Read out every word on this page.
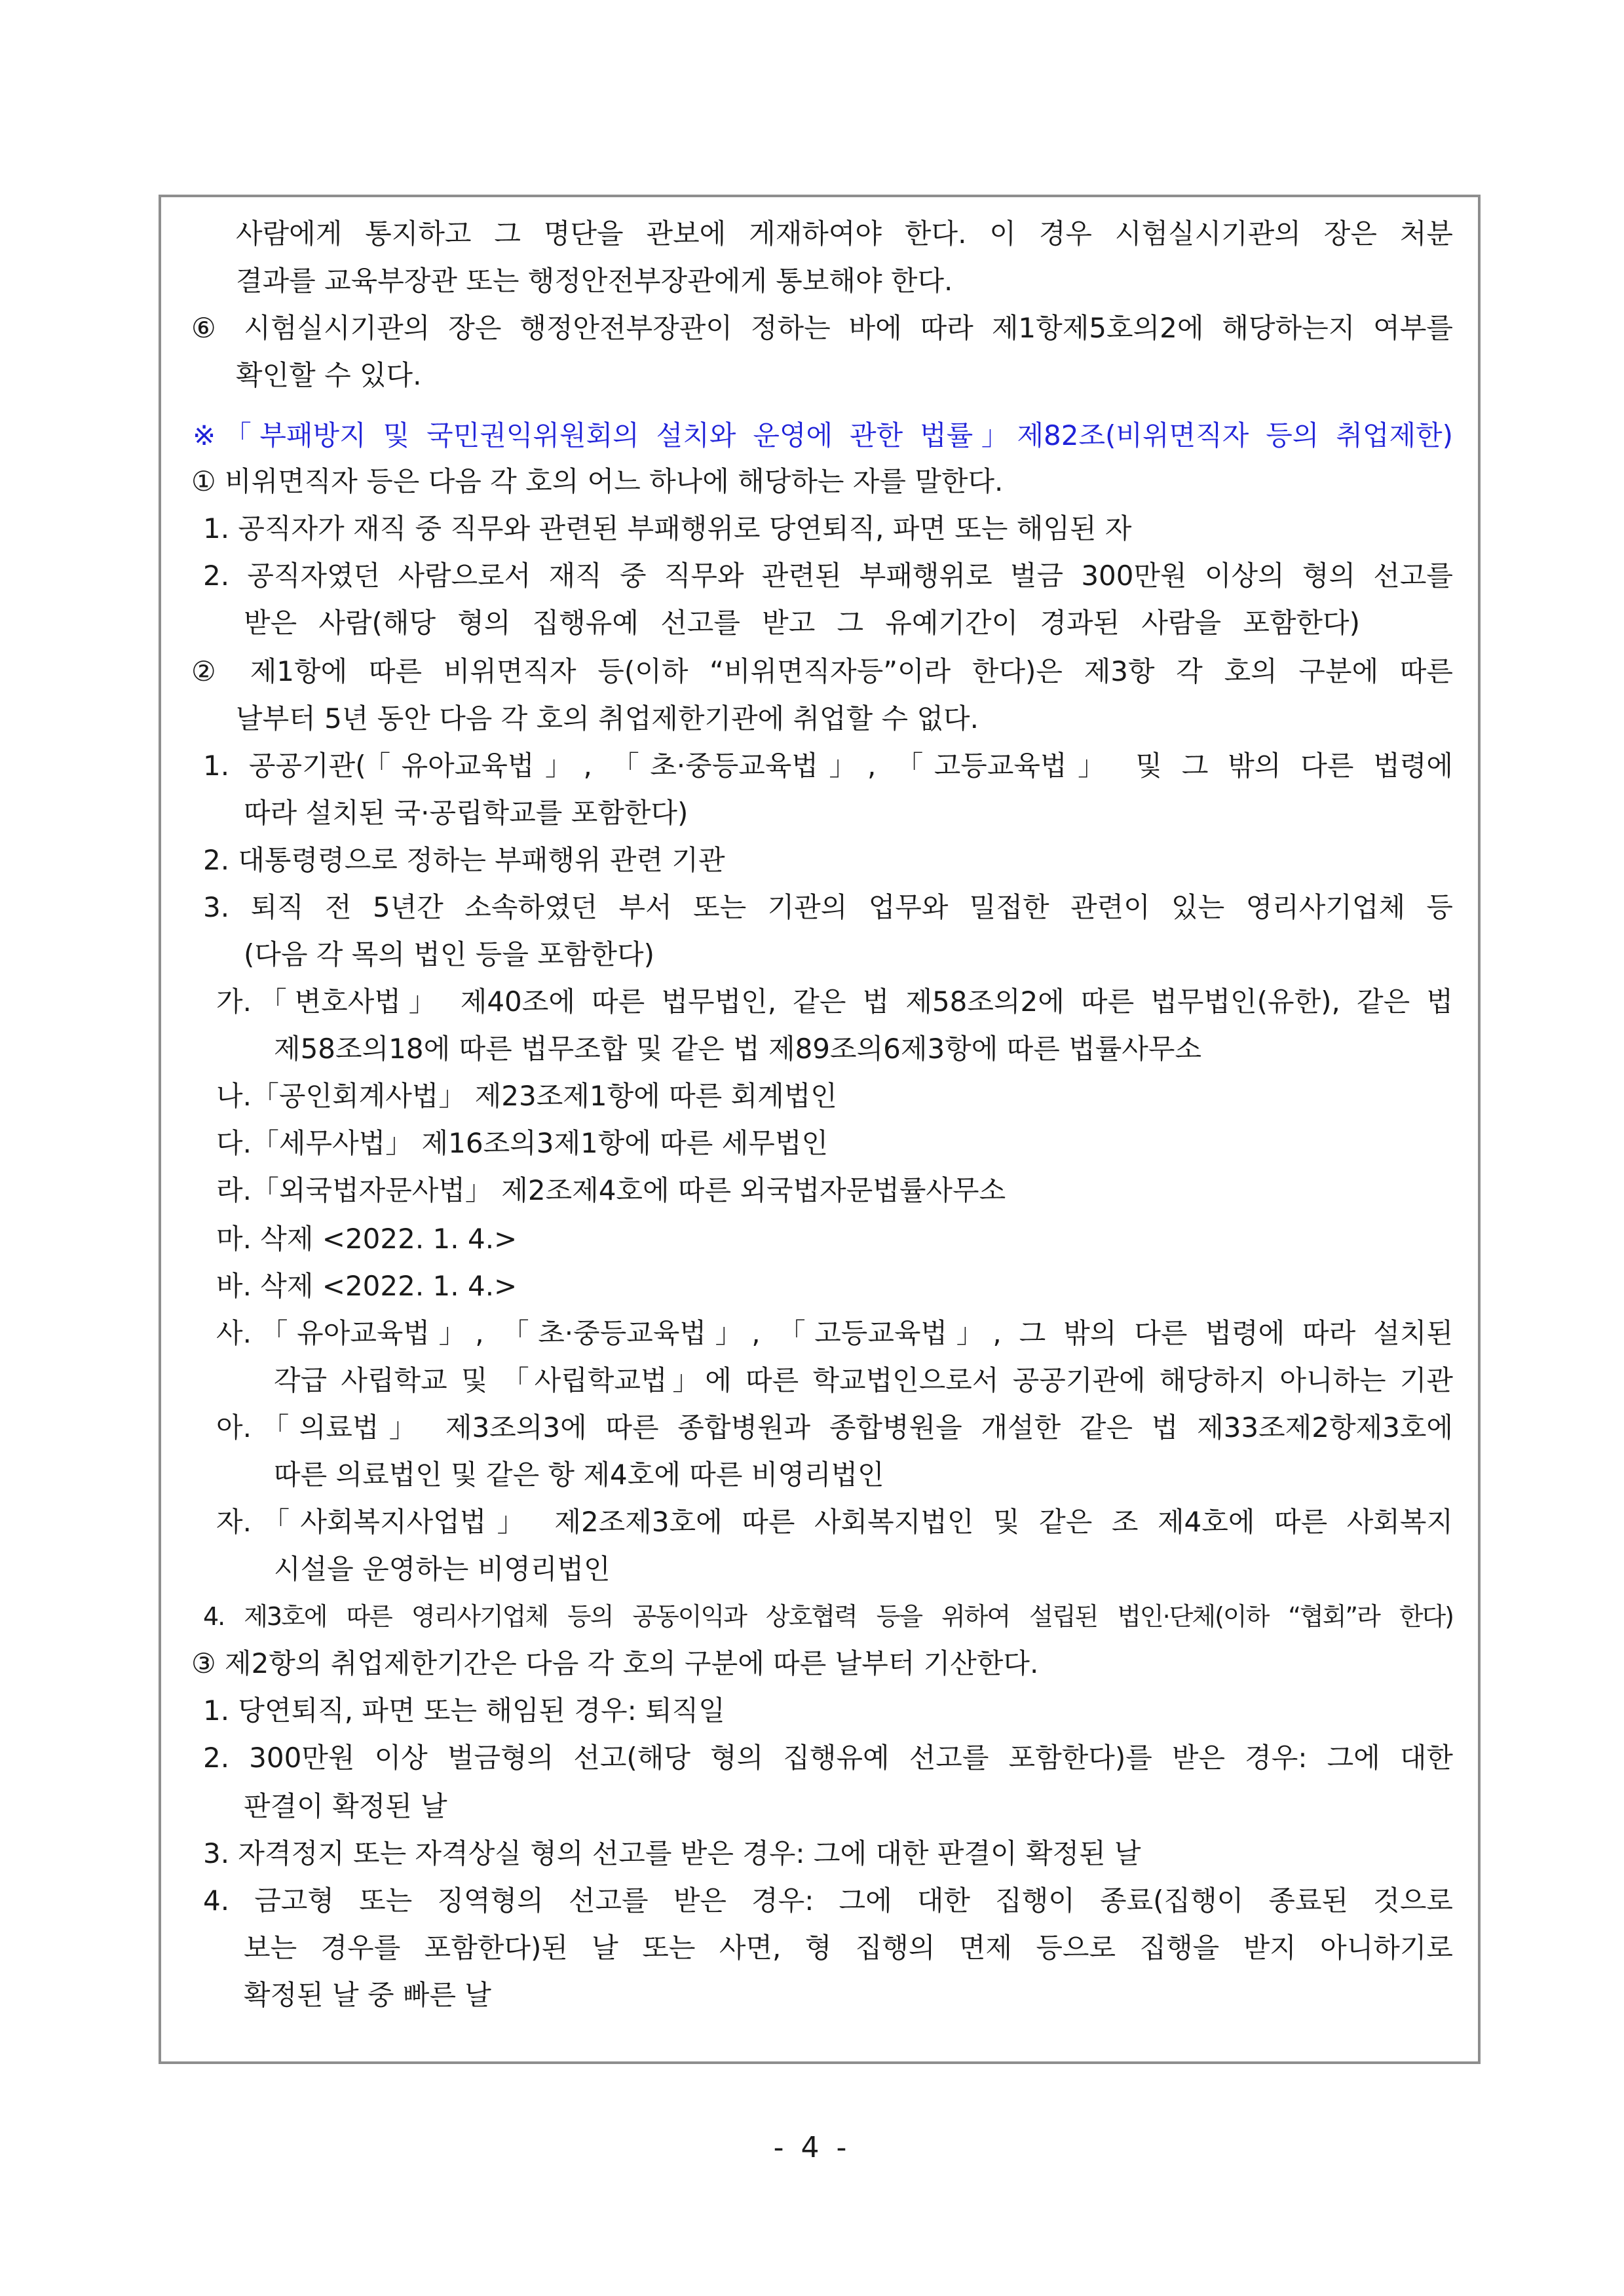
사람에게 통지하고 그 명단을 관보에 게재하여야 한다. 이 경우 시험실시기관의 장은 처분
결과를 교육부장관 또는 행정안전부장관에게 통보해야 한다.
⑥ 시험실시기관의 장은 행정안전부장관이 정하는 바에 따라 제1항제5호의2에 해당하는지 여부를
확인할 수 있다.
※「부패방지 및 국민권익위원회의 설치와 운영에 관한 법률」제82조(비위면직자 등의 취업제한)
① 비위면직자 등은 다음 각 호의 어느 하나에 해당하는 자를 말한다.
1. 공직자가 재직 중 직무와 관련된 부패행위로 당연퇴직, 파면 또는 해임된 자
2. 공직자였던 사람으로서 재직 중 직무와 관련된 부패행위로 벌금 300만원 이상의 형의 선고를
받은 사람(해당 형의 집행유예 선고를 받고 그 유예기간이 경과된 사람을 포함한다)
② 제1항에 따른 비위면직자 등(이하 “비위면직자등”이라 한다)은 제3항 각 호의 구분에 따른
날부터 5년 동안 다음 각 호의 취업제한기관에 취업할 수 없다.
1. 공공기관(「유아교육법」, 「초·중등교육법」, 「고등교육법」 및 그 밖의 다른 법령에
따라 설치된 국·공립학교를 포함한다)
2. 대통령령으로 정하는 부패행위 관련 기관
3. 퇴직 전 5년간 소속하였던 부서 또는 기관의 업무와 밀접한 관련이 있는 영리사기업체 등
(다음 각 목의 법인 등을 포함한다)
가.「변호사법」 제40조에 따른 법무법인, 같은 법 제58조의2에 따른 법무법인(유한), 같은 법
제58조의18에 따른 법무조합 및 같은 법 제89조의6제3항에 따른 법률사무소
나.「공인회계사법」 제23조제1항에 따른 회계법인
다.「세무사법」 제16조의3제1항에 따른 세무법인
라.「외국법자문사법」 제2조제4호에 따른 외국법자문법률사무소
마. 삭제 <2022. 1. 4.>
바. 삭제 <2022. 1. 4.>
사.「유아교육법」, 「초·중등교육법」, 「고등교육법」, 그 밖의 다른 법령에 따라 설치된
각급 사립학교 및 「사립학교법」에 따른 학교법인으로서 공공기관에 해당하지 아니하는 기관
아.「의료법」 제3조의3에 따른 종합병원과 종합병원을 개설한 같은 법 제33조제2항제3호에
따른 의료법인 및 같은 항 제4호에 따른 비영리법인
자.「사회복지사업법」 제2조제3호에 따른 사회복지법인 및 같은 조 제4호에 따른 사회복지
시설을 운영하는 비영리법인
4. 제3호에 따른 영리사기업체 등의 공동이익과 상호협력 등을 위하여 설립된 법인·단체(이하 “협회”라 한다)
③ 제2항의 취업제한기간은 다음 각 호의 구분에 따른 날부터 기산한다.
1. 당연퇴직, 파면 또는 해임된 경우: 퇴직일
2. 300만원 이상 벌금형의 선고(해당 형의 집행유예 선고를 포함한다)를 받은 경우: 그에 대한
판결이 확정된 날
3. 자격정지 또는 자격상실 형의 선고를 받은 경우: 그에 대한 판결이 확정된 날
4. 금고형 또는 징역형의 선고를 받은 경우: 그에 대한 집행이 종료(집행이 종료된 것으로
보는 경우를 포함한다)된 날 또는 사면, 형 집행의 면제 등으로 집행을 받지 아니하기로
확정된 날 중 빠른 날
- 4 -
